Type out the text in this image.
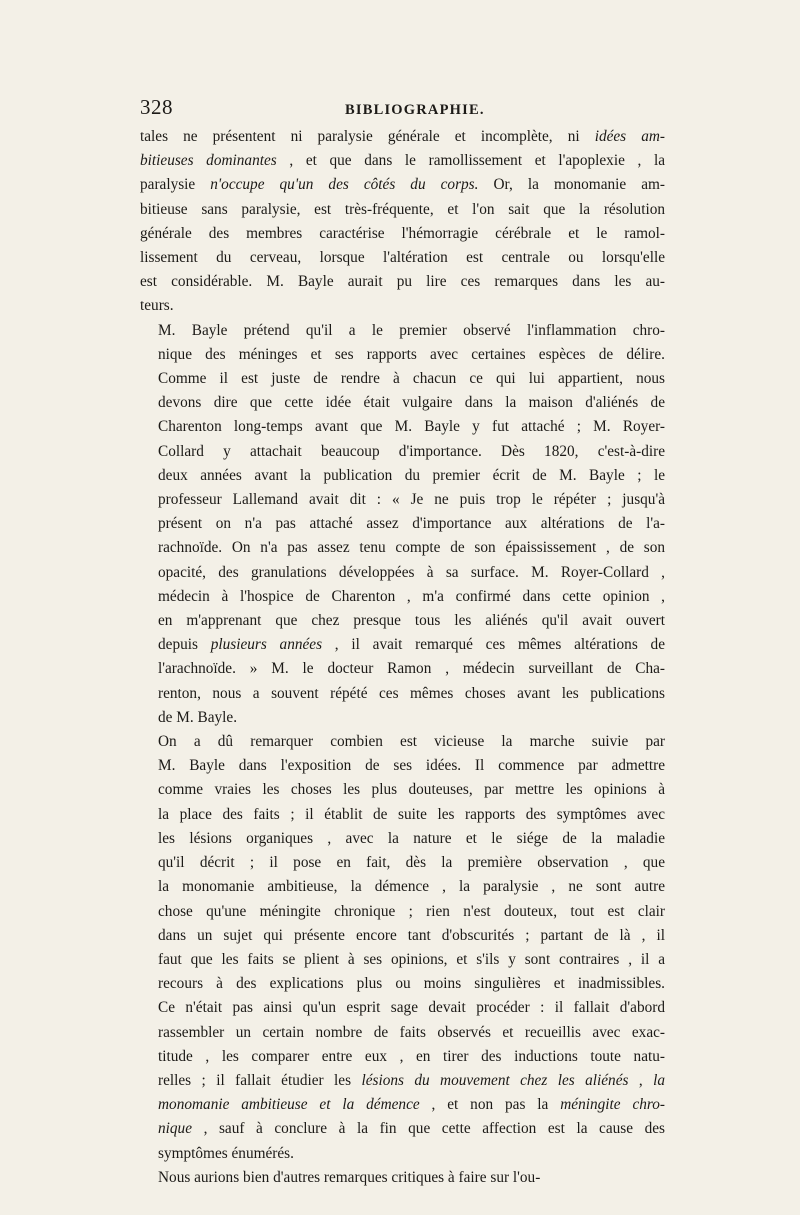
328	BIBLIOGRAPHIE.
tales ne présentent ni paralysie générale et incomplète, ni idées am-
bitieuses dominantes , et que dans le ramollissement et l'apoplexie , la
paralysie n'occupe qu'un des côtés du corps. Or, la monomanie am-
bitieuse sans paralysie, est très-fréquente, et l'on sait que la résolution
générale des membres caractérise l'hémorragie cérébrale et le ramol-
lissement du cerveau, lorsque l'altération est centrale ou lorsqu'elle
est considérable. M. Bayle aurait pu lire ces remarques dans les au-
teurs.
M. Bayle prétend qu'il a le premier observé l'inflammation chro-
nique des méninges et ses rapports avec certaines espèces de délire.
Comme il est juste de rendre à chacun ce qui lui appartient, nous
devons dire que cette idée était vulgaire dans la maison d'aliénés de
Charenton long-temps avant que M. Bayle y fut attaché ; M. Royer-
Collard y attachait beaucoup d'importance. Dès 1820, c'est-à-dire
deux années avant la publication du premier écrit de M. Bayle ; le
professeur Lallemand avait dit : « Je ne puis trop le répéter ; jusqu'à
présent on n'a pas attaché assez d'importance aux altérations de l'a-
rachnoïde. On n'a pas assez tenu compte de son épaississement , de son
opacité, des granulations développées à sa surface. M. Royer-Collard ,
médecin à l'hospice de Charenton , m'a confirmé dans cette opinion ,
en m'apprenant que chez presque tous les aliénés qu'il avait ouvert
depuis plusieurs années , il avait remarqué ces mêmes altérations de
l'arachnoïde. » M. le docteur Ramon , médecin surveillant de Cha-
renton, nous a souvent répété ces mêmes choses avant les publications
de M. Bayle.
On a dû remarquer combien est vicieuse la marche suivie par
M. Bayle dans l'exposition de ses idées. Il commence par admettre
comme vraies les choses les plus douteuses, par mettre les opinions à
la place des faits ; il établit de suite les rapports des symptômes avec
les lésions organiques , avec la nature et le siége de la maladie
qu'il décrit ; il pose en fait, dès la première observation , que
la monomanie ambitieuse, la démence , la paralysie , ne sont autre
chose qu'une méningite chronique ; rien n'est douteux, tout est clair
dans un sujet qui présente encore tant d'obscurités ; partant de là , il
faut que les faits se plient à ses opinions, et s'ils y sont contraires , il a
recours à des explications plus ou moins singulières et inadmissibles.
Ce n'était pas ainsi qu'un esprit sage devait procéder : il fallait d'abord
rassembler un certain nombre de faits observés et recueillis avec exac-
titude , les comparer entre eux , en tirer des inductions toute natu-
relles ; il fallait étudier les lésions du mouvement chez les aliénés , la
monomanie ambitieuse et la démence , et non pas la méningite chro-
nique , sauf à conclure à la fin que cette affection est la cause des
symptômes énumérés.
Nous aurions bien d'autres remarques critiques à faire sur l'ou-
